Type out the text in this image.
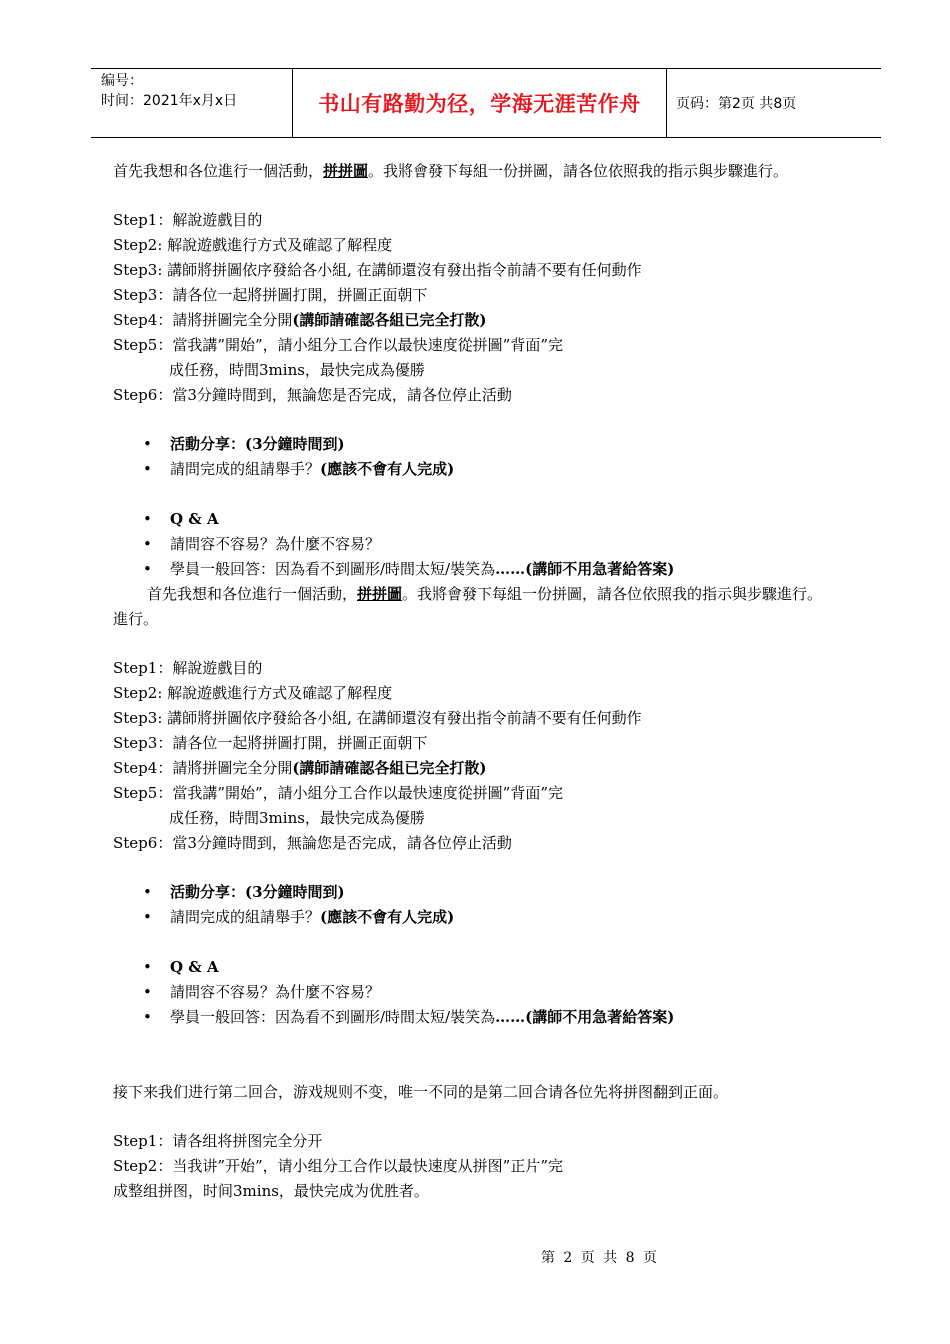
编号：
时间：2021年x月x日	书山有路勤为径，学海无涯苦作舟	页码：第2页 共8页
首先我想和各位進行一個活動，拼拼圖。我將會發下每組一份拼圖，請各位依照我的指示與步驟進行。
Step1：解說遊戲目的
Step2: 解說遊戲進行方式及確認了解程度
Step3: 講師將拼圖依序發給各小組, 在講師還沒有發出指令前請不要有任何動作
Step3：請各位一起將拼圖打開，拼圖正面朝下
Step4：請將拼圖完全分開(講師請確認各組已完全打散)
Step5：當我講”開始”，請小組分工合作以最快速度從拼圖”背面”完
成任務，時間3mins，最快完成為優勝
Step6：當3分鐘時間到，無論您是否完成，請各位停止活動
•	活動分享：(3分鐘時間到)
•	請問完成的組請舉手？(應該不會有人完成)
•	Q & A
•	請問容不容易？為什麼不容易？
•	學員一般回答：因為看不到圖形/時間太短/裝笑為……(講師不用急著給答案)
首先我想和各位進行一個活動，拼拼圖。我將會發下每組一份拼圖，請各位依照我的指示與步驟進行。
進行。
Step1：解說遊戲目的
Step2: 解說遊戲進行方式及確認了解程度
Step3: 講師將拼圖依序發給各小組, 在講師還沒有發出指令前請不要有任何動作
Step3：請各位一起將拼圖打開，拼圖正面朝下
Step4：請將拼圖完全分開(講師請確認各組已完全打散)
Step5：當我講”開始”，請小組分工合作以最快速度從拼圖”背面”完
成任務，時間3mins，最快完成為優勝
Step6：當3分鐘時間到，無論您是否完成，請各位停止活動
•	活動分享：(3分鐘時間到)
•	請問完成的組請舉手？(應該不會有人完成)
•	Q & A
•	請問容不容易？為什麼不容易？
•	學員一般回答：因為看不到圖形/時間太短/裝笑為……(講師不用急著給答案)
接下来我们进行第二回合，游戏规则不变，唯一不同的是第二回合请各位先将拼图翻到正面。
Step1：请各组将拼图完全分开
Step2：当我讲”开始”，请小组分工合作以最快速度从拼图”正片”完
成整组拼图，时间3mins，最快完成为优胜者。
第 2 页 共 8 页
